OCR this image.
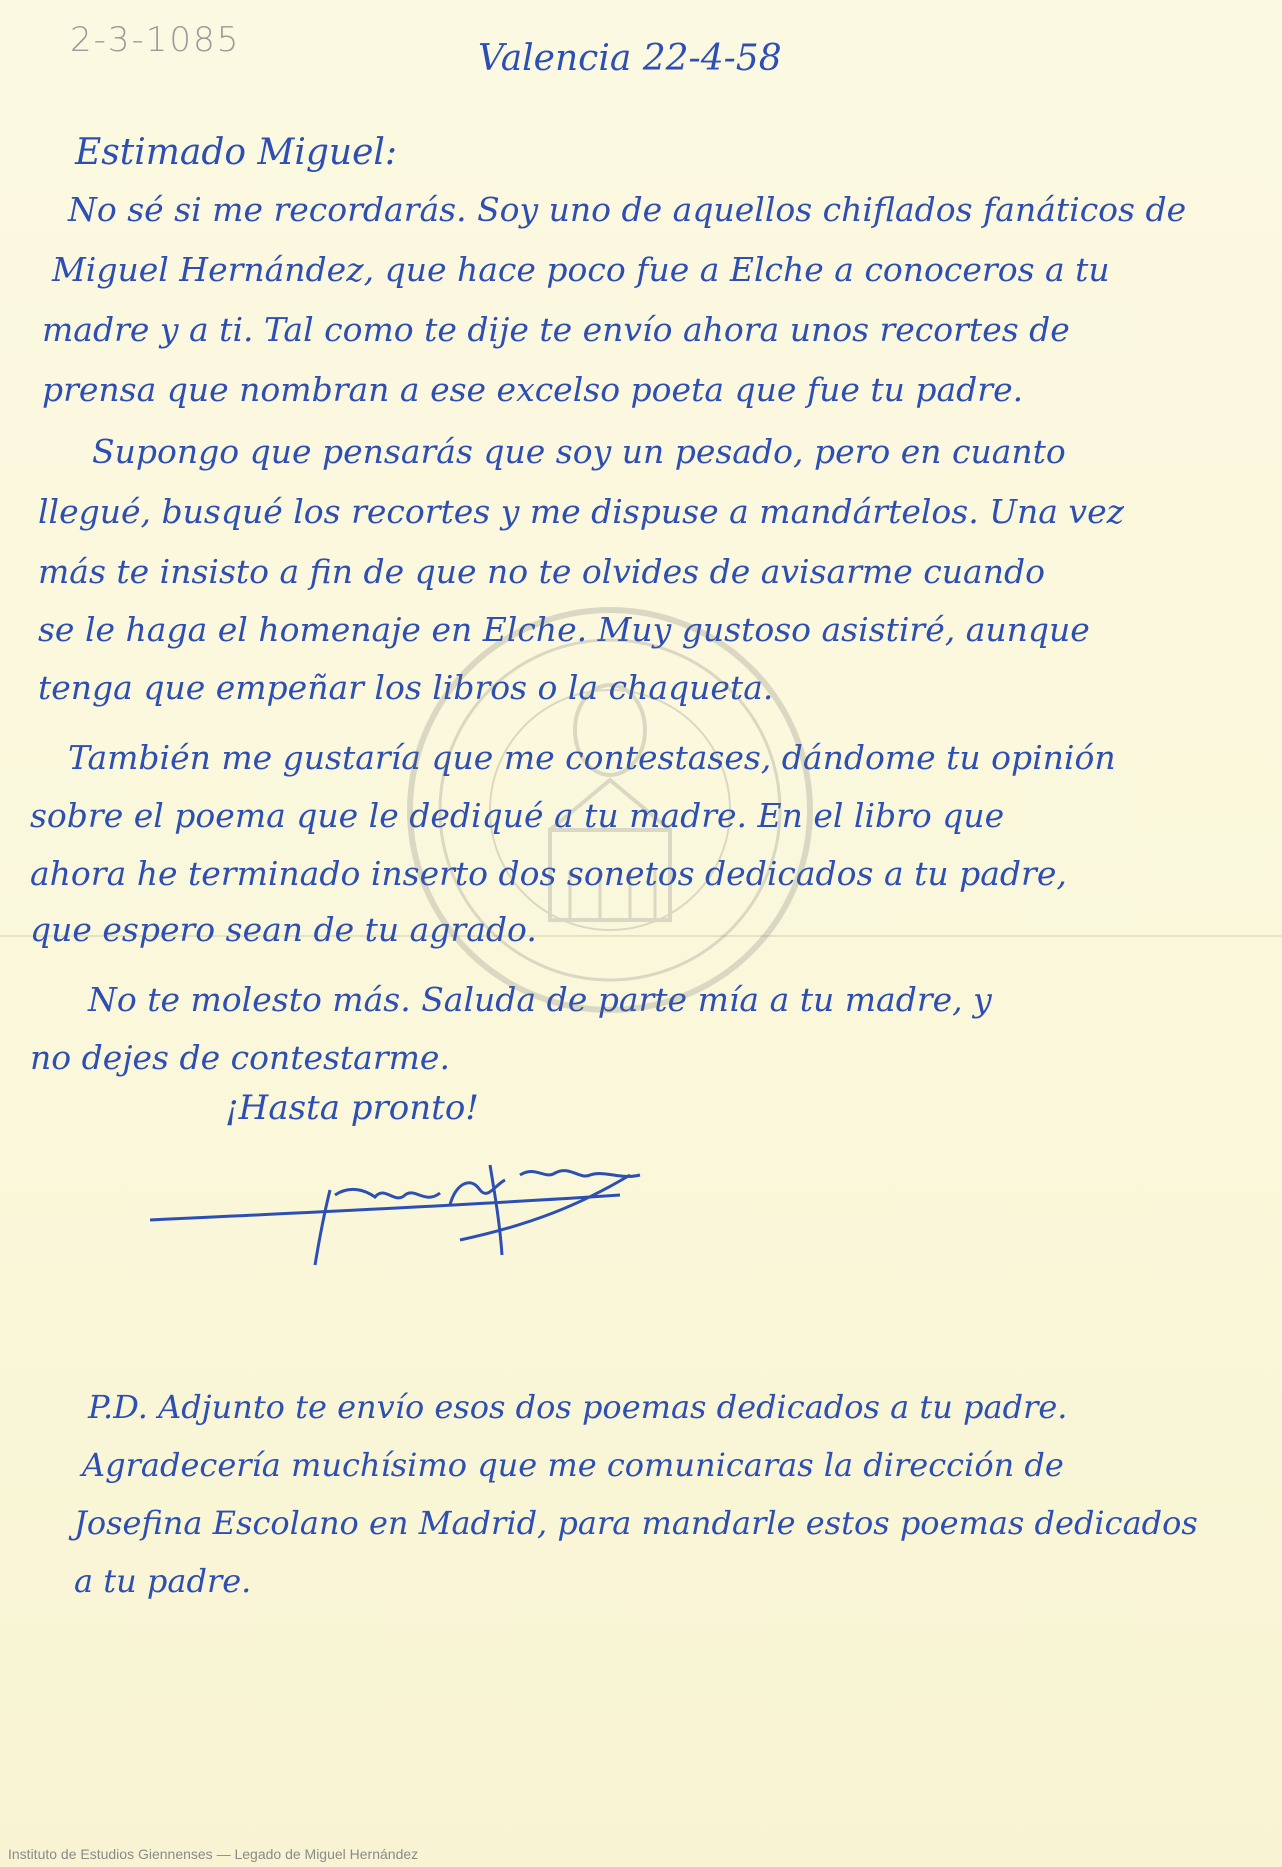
2-3-1085	Valencia 22-4-58
Estimado Miguel:
No sé si me recordarás. Soy uno de aquellos chiflados fanáticos de
Miguel Hernández, que hace poco fue a Elche a conoceros a tu
madre y a ti. Tal como te dije te envío ahora unos recortes de
prensa que nombran a ese excelso poeta que fue tu padre.
Supongo que pensarás que soy un pesado, pero en cuanto
llegué, busqué los recortes y me dispuse a mandártelos. Una vez
más te insisto a fin de que no te olvides de avisarme cuando
se le haga el homenaje en Elche. Muy gustoso asistiré, aunque
tenga que empeñar los libros o la chaqueta.
También me gustaría que me contestases, dándome tu opinión
sobre el poema que le dediqué a tu madre. En el libro que
ahora he terminado inserto dos sonetos dedicados a tu padre,
que espero sean de tu agrado.
No te molesto más. Saluda de parte mía a tu madre, y
no dejes de contestarme.
¡Hasta pronto!
P.D. Adjunto te envío esos dos poemas dedicados a tu padre.
Agradecería muchísimo que me comunicaras la dirección de
Josefina Escolano en Madrid, para mandarle estos poemas dedicados
a tu padre.
Instituto de Estudios Giennenses — Legado de Miguel Hernández
